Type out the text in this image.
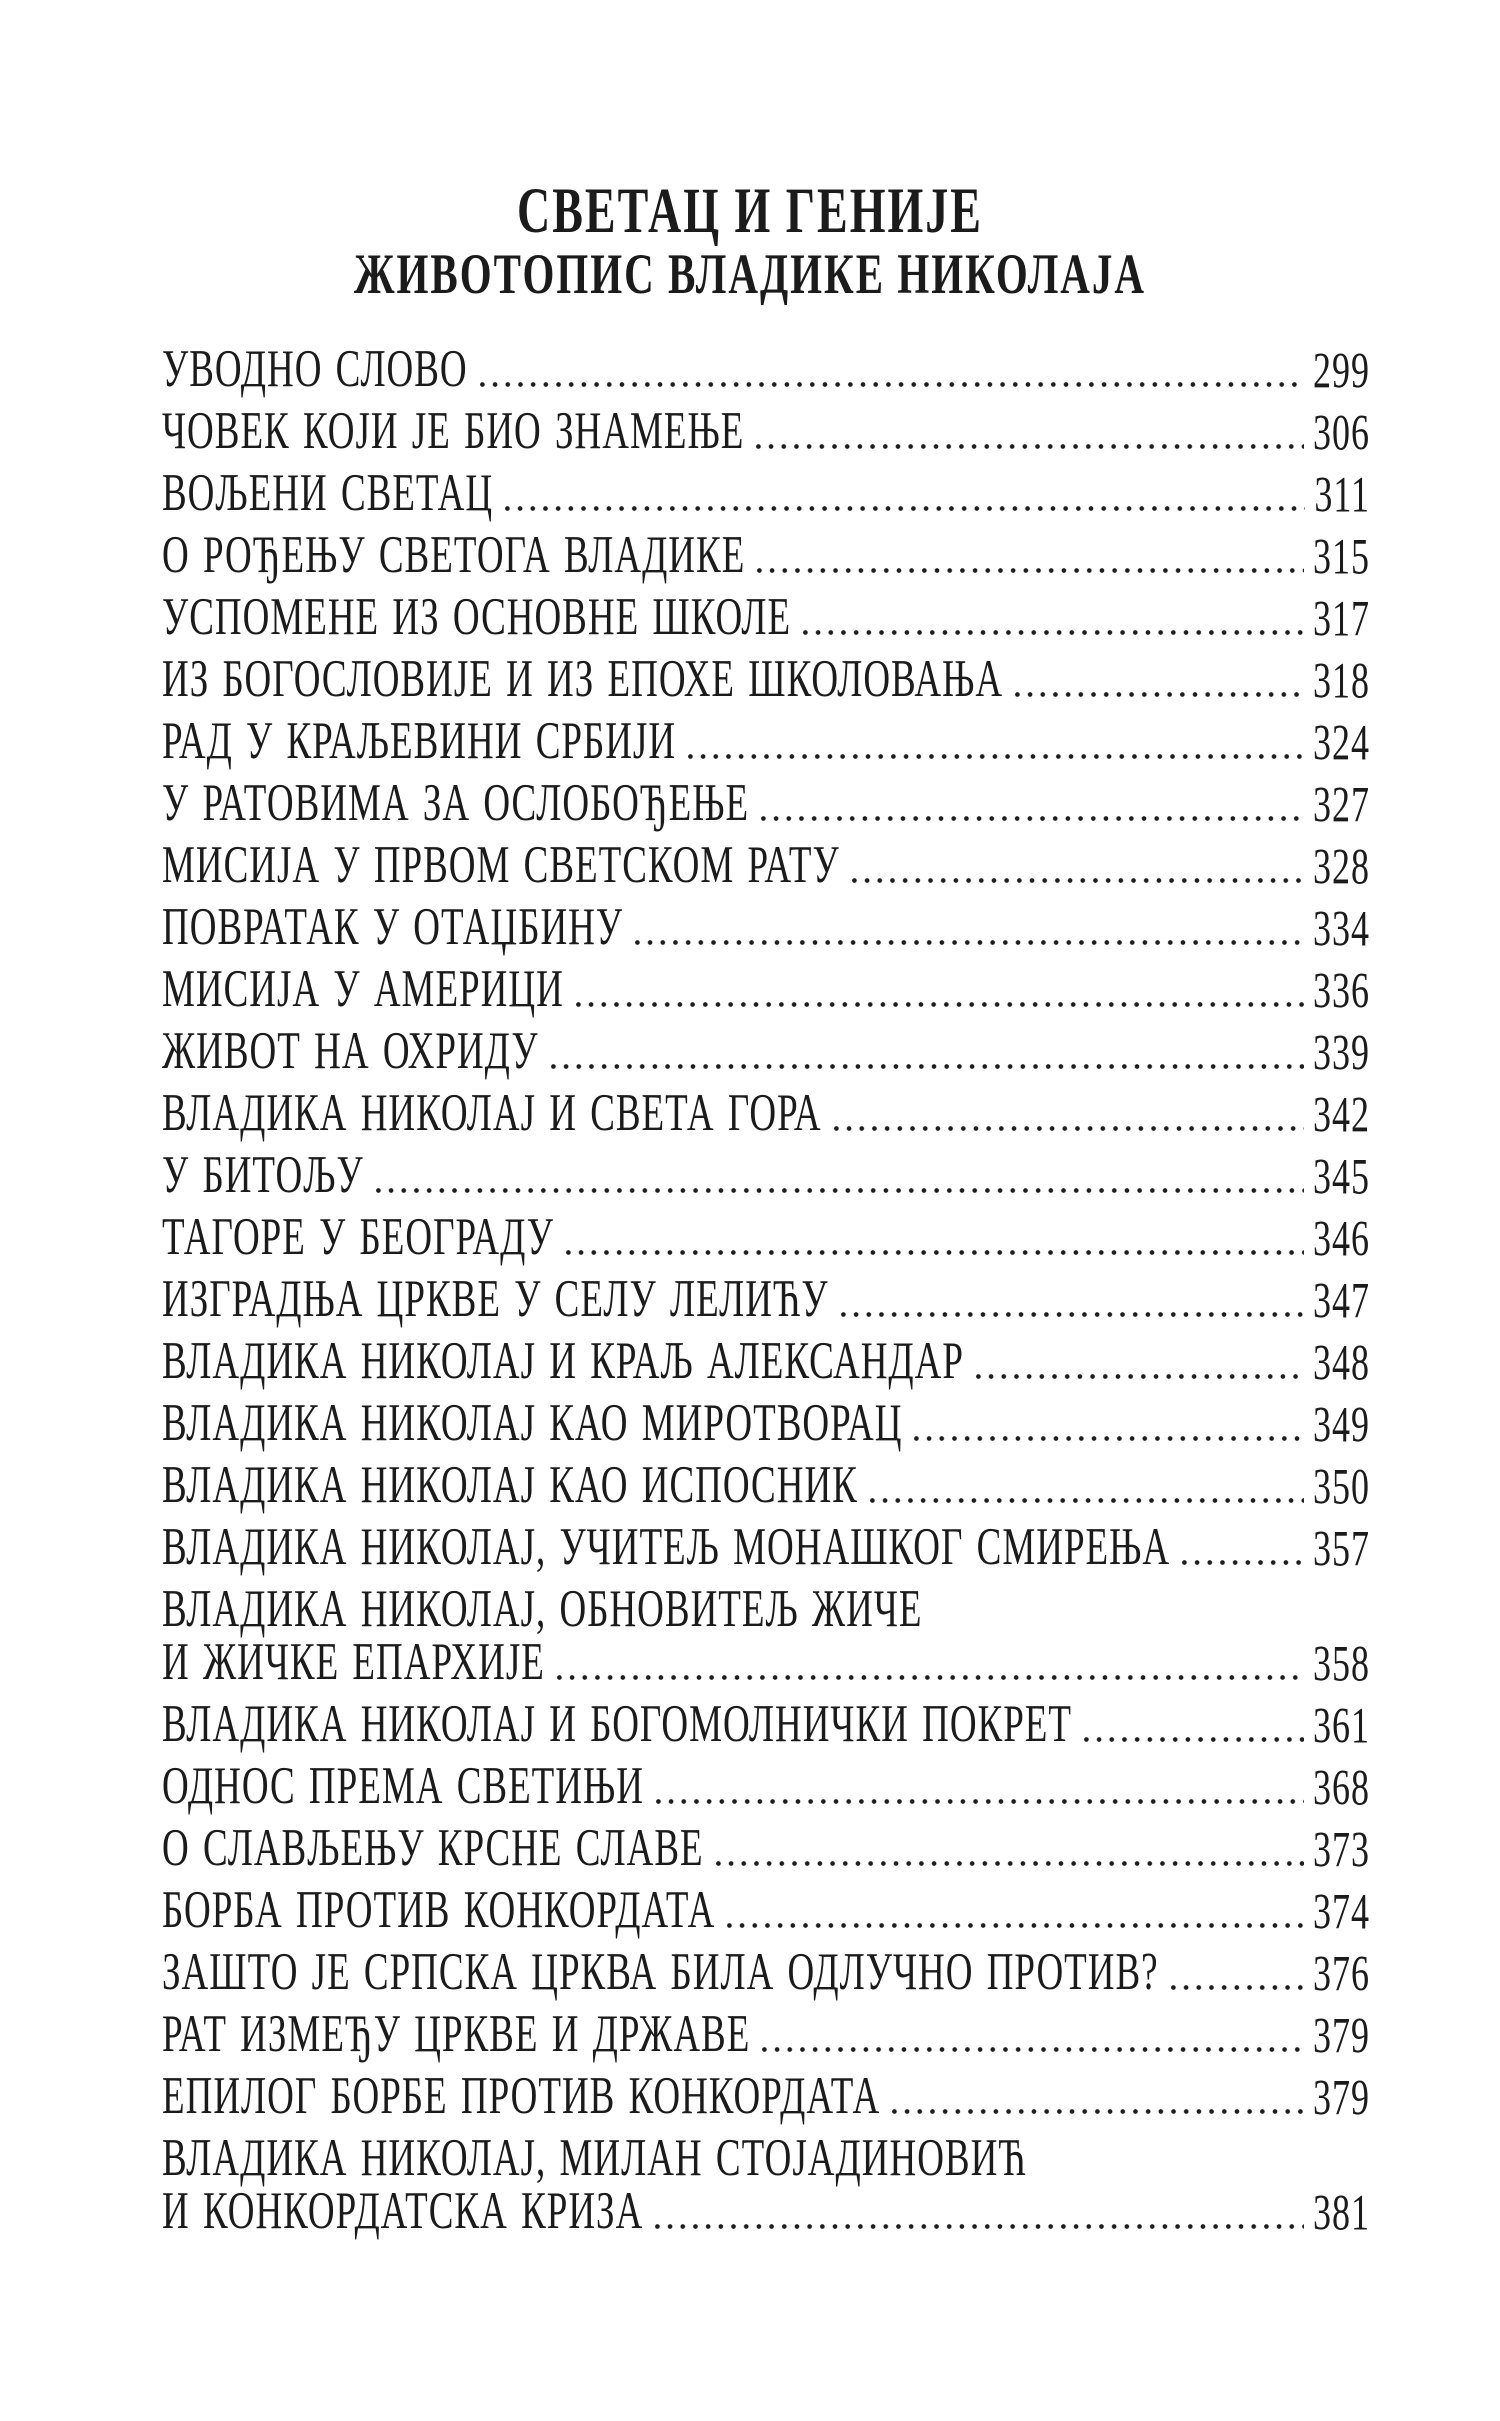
СВЕТАЦ И ГЕНИЈЕ
ЖИВОТОПИС ВЛАДИКЕ НИКОЛАЈА
УВОДНО СЛОВО	299
ЧОВЕК КОЈИ ЈЕ БИО ЗНАМЕЊЕ	306
ВОЉЕНИ СВЕТАЦ	311
О РОЂЕЊУ СВЕТОГА ВЛАДИКЕ	315
УСПОМЕНЕ ИЗ ОСНОВНЕ ШКОЛЕ	317
ИЗ БОГОСЛОВИЈЕ И ИЗ ЕПОХЕ ШКОЛОВАЊА	318
РАД У КРАЉЕВИНИ СРБИЈИ	324
У РАТОВИМА ЗА ОСЛОБОЂЕЊЕ	327
МИСИЈА У ПРВОМ СВЕТСКОМ РАТУ	328
ПОВРАТАК У ОТАЏБИНУ	334
МИСИЈА У АМЕРИЦИ	336
ЖИВОТ НА ОХРИДУ	339
ВЛАДИКА НИКОЛАЈ И СВЕТА ГОРА	342
У БИТОЉУ	345
ТАГОРЕ У БЕОГРАДУ	346
ИЗГРАДЊА ЦРКВЕ У СЕЛУ ЛЕЛИЋУ	347
ВЛАДИКА НИКОЛАЈ И КРАЉ АЛЕКСАНДАР	348
ВЛАДИКА НИКОЛАЈ КАО МИРОТВОРАЦ	349
ВЛАДИКА НИКОЛАЈ КАО ИСПОСНИК	350
ВЛАДИКА НИКОЛАЈ, УЧИТЕЉ МОНАШКОГ СМИРЕЊА	357
ВЛАДИКА НИКОЛАЈ, ОБНОВИТЕЉ ЖИЧЕ
И ЖИЧКЕ ЕПАРХИЈЕ	358
ВЛАДИКА НИКОЛАЈ И БОГОМОЛНИЧКИ ПОКРЕТ	361
ОДНОС ПРЕМА СВЕТИЊИ	368
О СЛАВЉЕЊУ КРСНЕ СЛАВЕ	373
БОРБА ПРОТИВ КОНКОРДАТА	374
ЗАШТО ЈЕ СРПСКА ЦРКВА БИЛА ОДЛУЧНО ПРОТИВ?	376
РАТ ИЗМЕЂУ ЦРКВЕ И ДРЖАВЕ	379
ЕПИЛОГ БОРБЕ ПРОТИВ КОНКОРДАТА	379
ВЛАДИКА НИКОЛАЈ, МИЛАН СТОЈАДИНОВИЋ
И КОНКОРДАТСКА КРИЗА	381
